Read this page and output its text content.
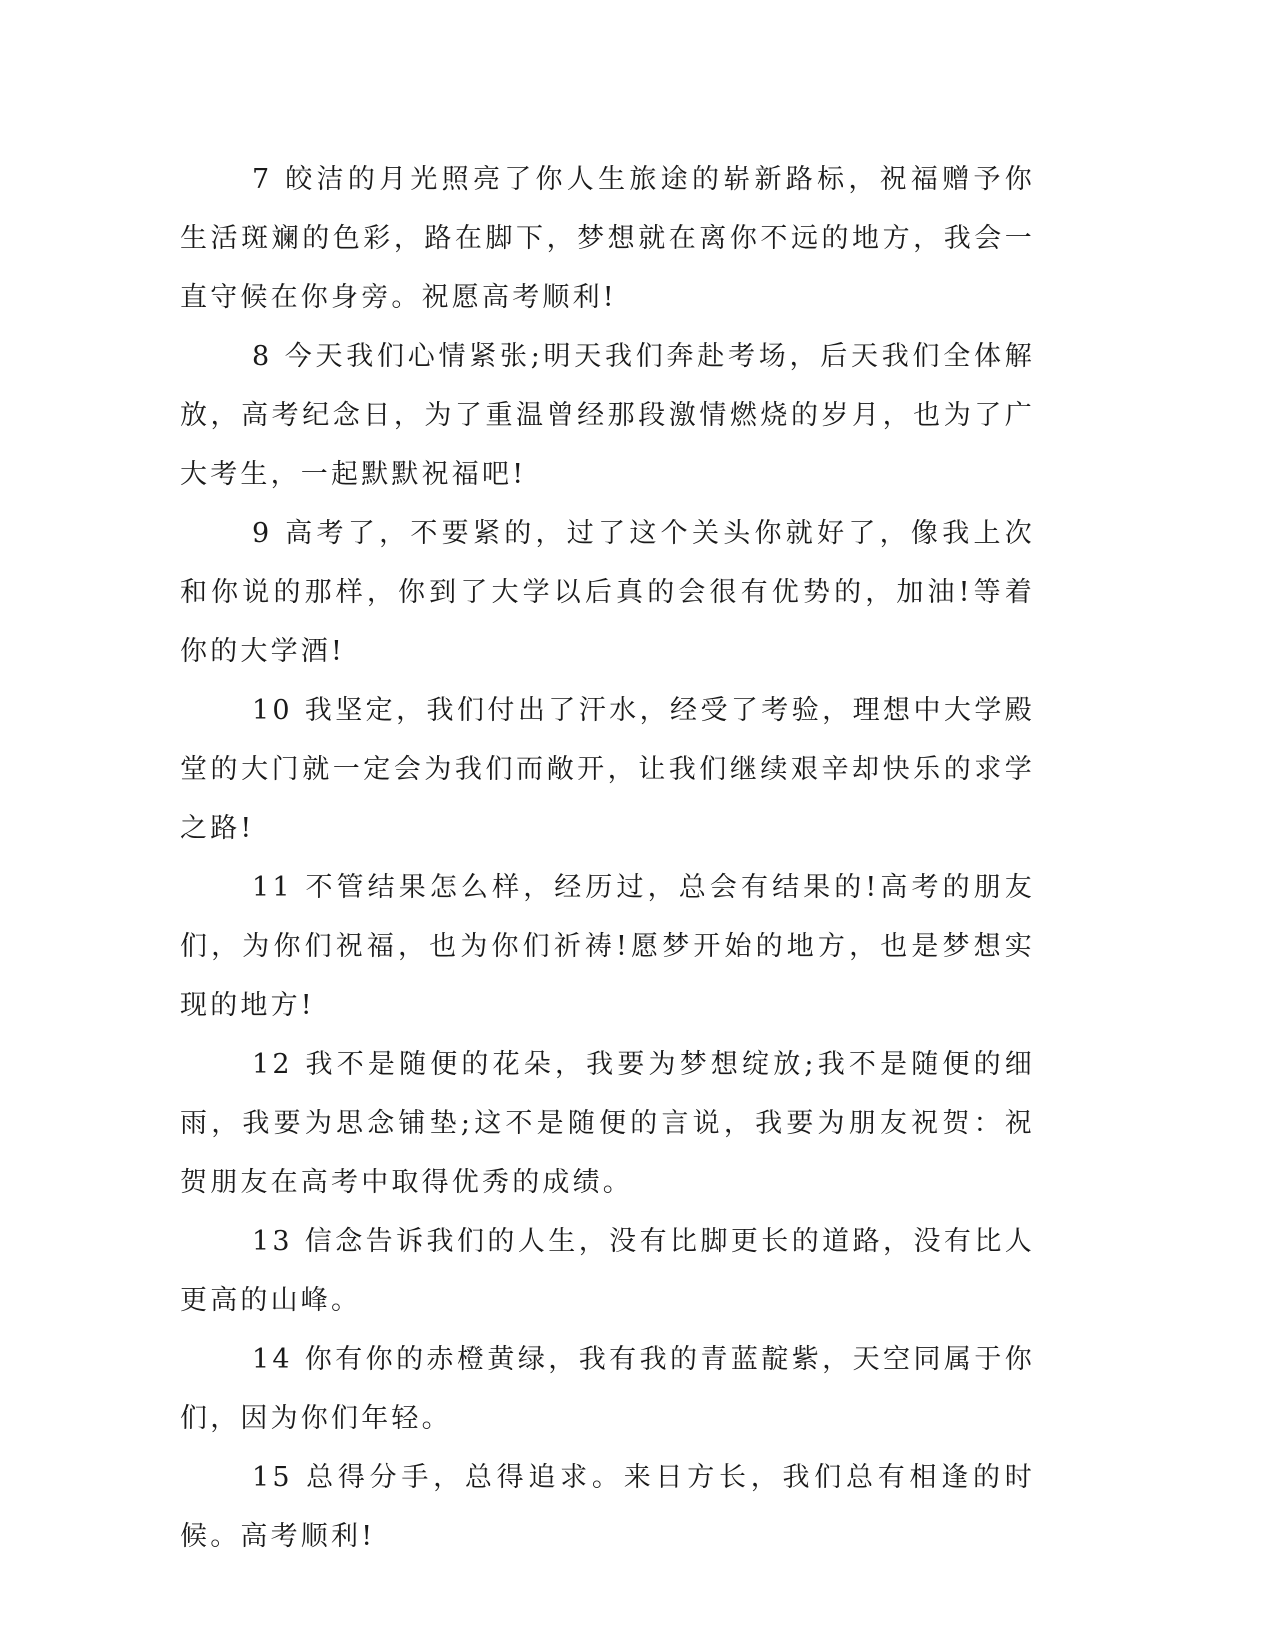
7 皎洁的月光照亮了你人生旅途的崭新路标，祝福赠予你生活斑斓的色彩，路在脚下，梦想就在离你不远的地方，我会一直守候在你身旁。祝愿高考顺利!

8 今天我们心情紧张;明天我们奔赴考场，后天我们全体解放，高考纪念日，为了重温曾经那段激情燃烧的岁月，也为了广大考生，一起默默祝福吧!

9 高考了，不要紧的，过了这个关头你就好了，像我上次和你说的那样，你到了大学以后真的会很有优势的，加油!等着你的大学酒!

10 我坚定，我们付出了汗水，经受了考验，理想中大学殿堂的大门就一定会为我们而敞开，让我们继续艰辛却快乐的求学之路!

11 不管结果怎么样，经历过，总会有结果的!高考的朋友们，为你们祝福，也为你们祈祷!愿梦开始的地方，也是梦想实现的地方!

12 我不是随便的花朵，我要为梦想绽放;我不是随便的细雨，我要为思念铺垫;这不是随便的言说，我要为朋友祝贺：祝贺朋友在高考中取得优秀的成绩。

13 信念告诉我们的人生，没有比脚更长的道路，没有比人更高的山峰。

14 你有你的赤橙黄绿，我有我的青蓝靛紫，天空同属于你们，因为你们年轻。

15 总得分手，总得追求。来日方长，我们总有相逢的时候。高考顺利!
